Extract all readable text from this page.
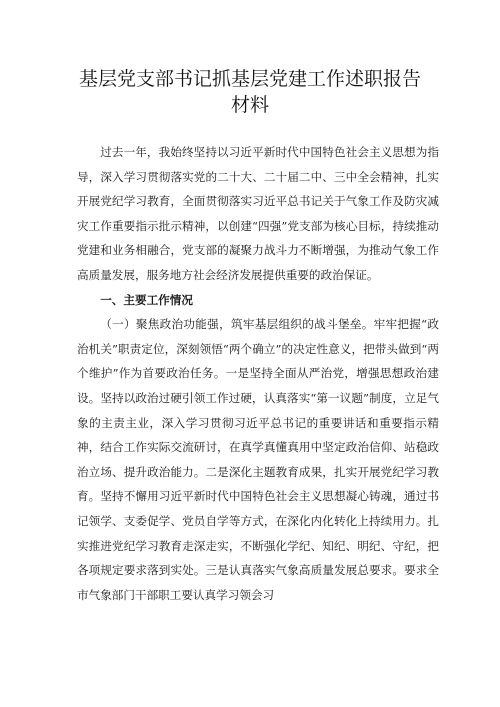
基层党支部书记抓基层党建工作述职报告
材料

过去一年，我始终坚持以习近平新时代中国特色社会主义思想为指导，深入学习贯彻落实党的二十大、二十届二中、三中全会精神，扎实开展党纪学习教育，全面贯彻落实习近平总书记关于气象工作及防灾减灾工作重要指示批示精神，以创建“四强”党支部为核心目标，持续推动党建和业务相融合，党支部的凝聚力战斗力不断增强，为推动气象工作高质量发展，服务地方社会经济发展提供重要的政治保证。

一、主要工作情况

（一）聚焦政治功能强，筑牢基层组织的战斗堡垒。牢牢把握“政治机关”职责定位，深刻领悟“两个确立”的决定性意义，把带头做到“两个维护”作为首要政治任务。一是坚持全面从严治党，增强思想政治建设。坚持以政治过硬引领工作过硬，认真落实“第一议题”制度，立足气象的主责主业，深入学习贯彻习近平总书记的重要讲话和重要指示精神，结合工作实际交流研讨，在真学真懂真用中坚定政治信仰、站稳政治立场、提升政治能力。二是深化主题教育成果，扎实开展党纪学习教育。坚持不懈用习近平新时代中国特色社会主义思想凝心铸魂，通过书记领学、支委促学、党员自学等方式，在深化内化转化上持续用力。扎实推进党纪学习教育走深走实，不断强化学纪、知纪、明纪、守纪，把各项规定要求落到实处。三是认真落实气象高质量发展总要求。要求全市气象部门干部职工要认真学习领会习
